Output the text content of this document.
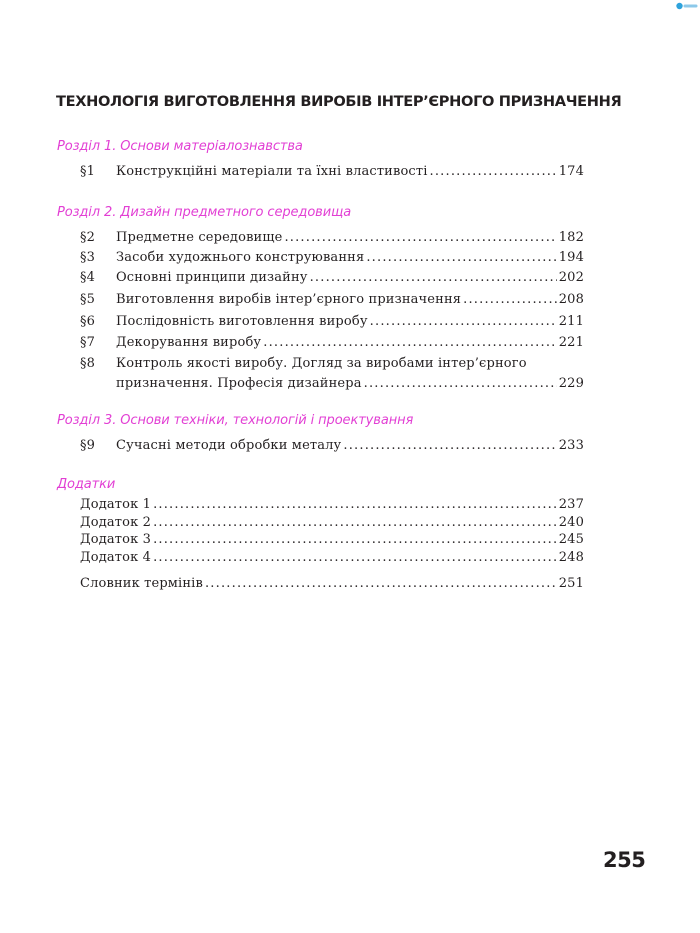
ТЕХНОЛОГІЯ ВИГОТОВЛЕННЯ ВИРОБІВ ІНТЕР’ЄРНОГО ПРИЗНАЧЕННЯ
Розділ 1. Основи матеріалознавства
§1	Конструкційні матеріали та їхні властивості .....	174
Розділ 2. Дизайн предметного середовища
§2	Предметне середовище .....	182
§3	Засоби художнього конструювання .....	194
§4	Основні принципи дизайну .....	202
§5	Виготовлення виробів інтер’єрного призначення .....	208
§6	Послідовність виготовлення виробу .....	211
§7	Декорування виробу .....	221
§8	Контроль якості виробу. Догляд за виробами інтер’єрного
призначення. Професія дизайнера .....	229
Розділ 3. Основи техніки, технологій і проектування
§9	Сучасні методи обробки металу .....	233
Додатки
Додаток 1 .....	237
Додаток 2 .....	240
Додаток 3 .....	245
Додаток 4 .....	248
Словник термінів .....	251
255
